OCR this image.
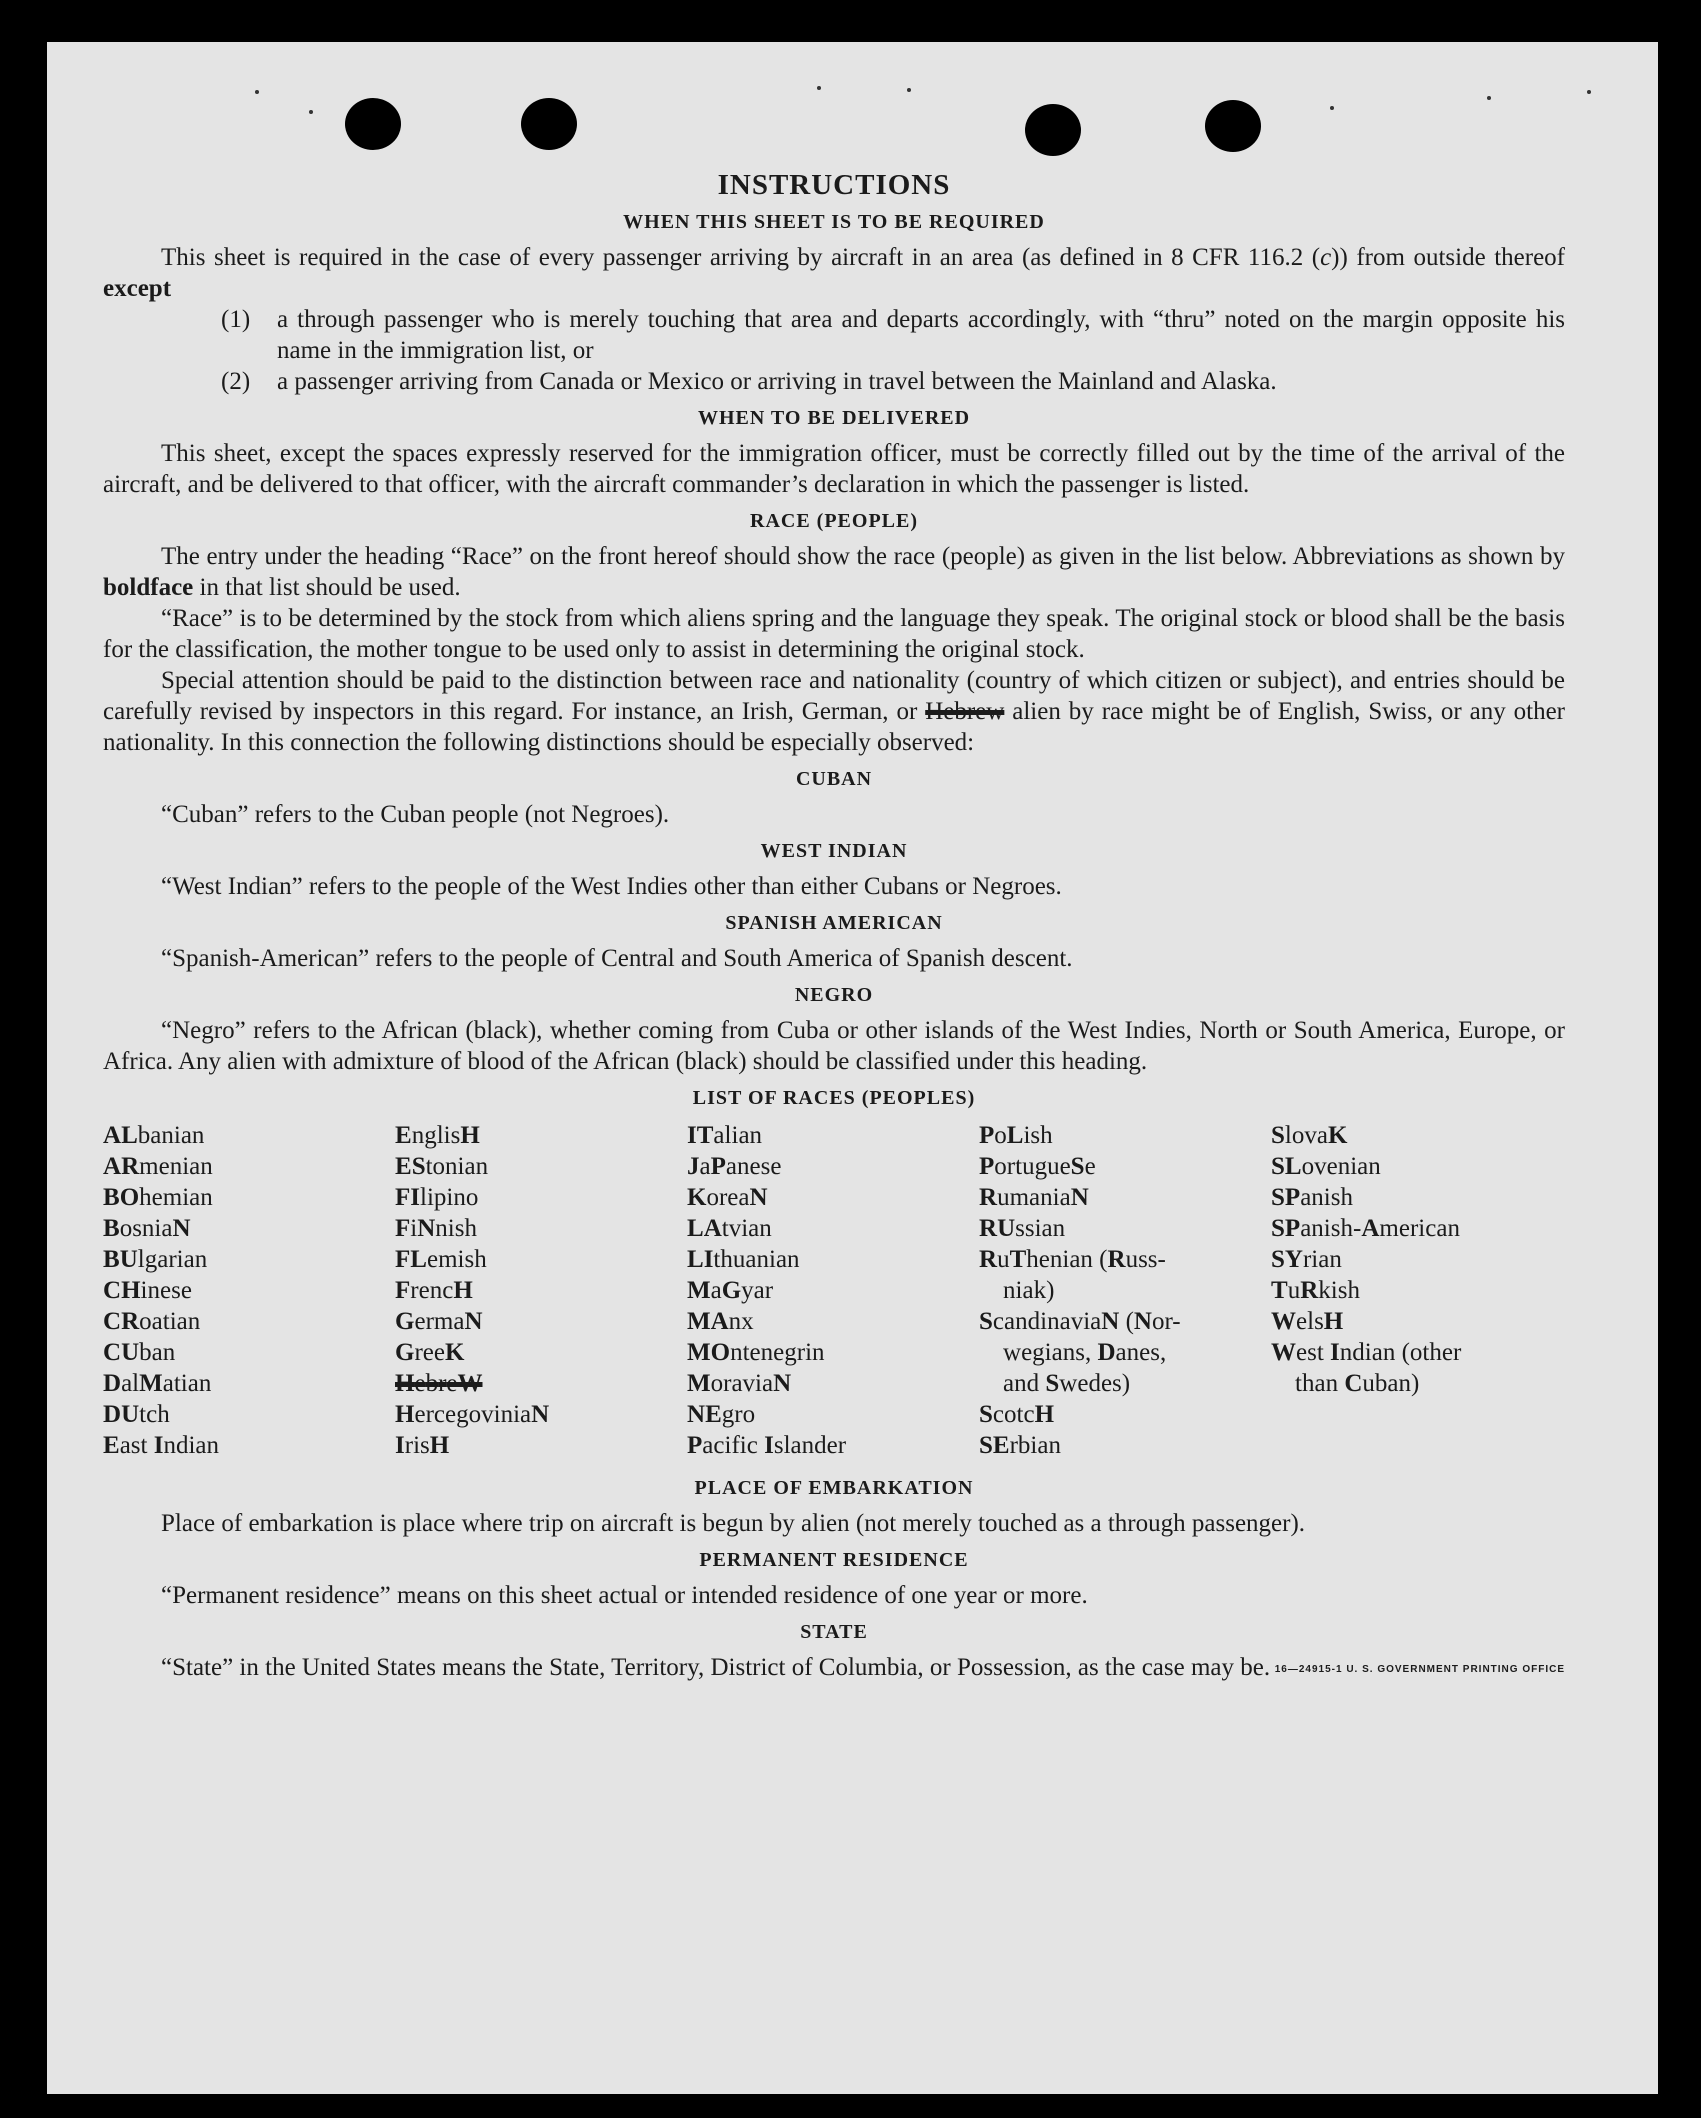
INSTRUCTIONS
WHEN THIS SHEET IS TO BE REQUIRED

This sheet is required in the case of every passenger arriving by aircraft in an area (as defined in 8 CFR 116.2 (c)) from outside thereof except

(1)	a through passenger who is merely touching that area and departs accordingly, with “thru” noted on the margin opposite his name in the immigration list, or
(2)	a passenger arriving from Canada or Mexico or arriving in travel between the Mainland and Alaska.
WHEN TO BE DELIVERED

This sheet, except the spaces expressly reserved for the immigration officer, must be correctly filled out by the time of the arrival of the aircraft, and be delivered to that officer, with the aircraft commander’s declaration in which the passenger is listed.

RACE (PEOPLE)

The entry under the heading “Race” on the front hereof should show the race (people) as given in the list below. Abbreviations as shown by boldface in that list should be used.

“Race” is to be determined by the stock from which aliens spring and the language they speak. The original stock or blood shall be the basis for the classification, the mother tongue to be used only to assist in determining the original stock.

Special attention should be paid to the distinction between race and nationality (country of which citizen or subject), and entries should be carefully revised by inspectors in this regard. For instance, an Irish, German, or Hebrew alien by race might be of English, Swiss, or any other nationality. In this connection the following distinctions should be especially observed:

CUBAN

“Cuban” refers to the Cuban people (not Negroes).

WEST INDIAN

“West Indian” refers to the people of the West Indies other than either Cubans or Negroes.

SPANISH AMERICAN

“Spanish-American” refers to the people of Central and South America of Spanish descent.

NEGRO

“Negro” refers to the African (black), whether coming from Cuba or other islands of the West Indies, North or South America, Europe, or Africa. Any alien with admixture of blood of the African (black) should be classified under this heading.

LIST OF RACES (PEOPLES)
ALbanian
ARmenian
BOhemian
BosniaN
BUlgarian
CHinese
CRoatian
CUban
DalMatian
DUtch
East Indian
EnglisH
EStonian
FIlipino
FiNnish
FLemish
FrencH
GermaN
GreeK
HebreW
HercegoviniaN
IrisH
ITalian
JaPanese
KoreaN
LAtvian
LIthuanian
MaGyar
MAnx
MOntenegrin
MoraviaN
NEgro
Pacific Islander
PoLish
PortugueSe
RumaniaN
RUssian
RuThenian (Russ-
niak)
ScandinaviaN (Nor-
wegians, Danes,
and Swedes)
ScotcH
SErbian
SlovaK
SLovenian
SPanish
SPanish-American
SYrian
TuRkish
WelsH
West Indian (other
than Cuban)
PLACE OF EMBARKATION

Place of embarkation is place where trip on aircraft is begun by alien (not merely touched as a through passenger).

PERMANENT RESIDENCE

“Permanent residence” means on this sheet actual or intended residence of one year or more.

STATE

“State” in the United States means the State, Territory, District of Columbia, or Possession, as the case may be. 16—24915-1 U. S. GOVERNMENT PRINTING OFFICE
